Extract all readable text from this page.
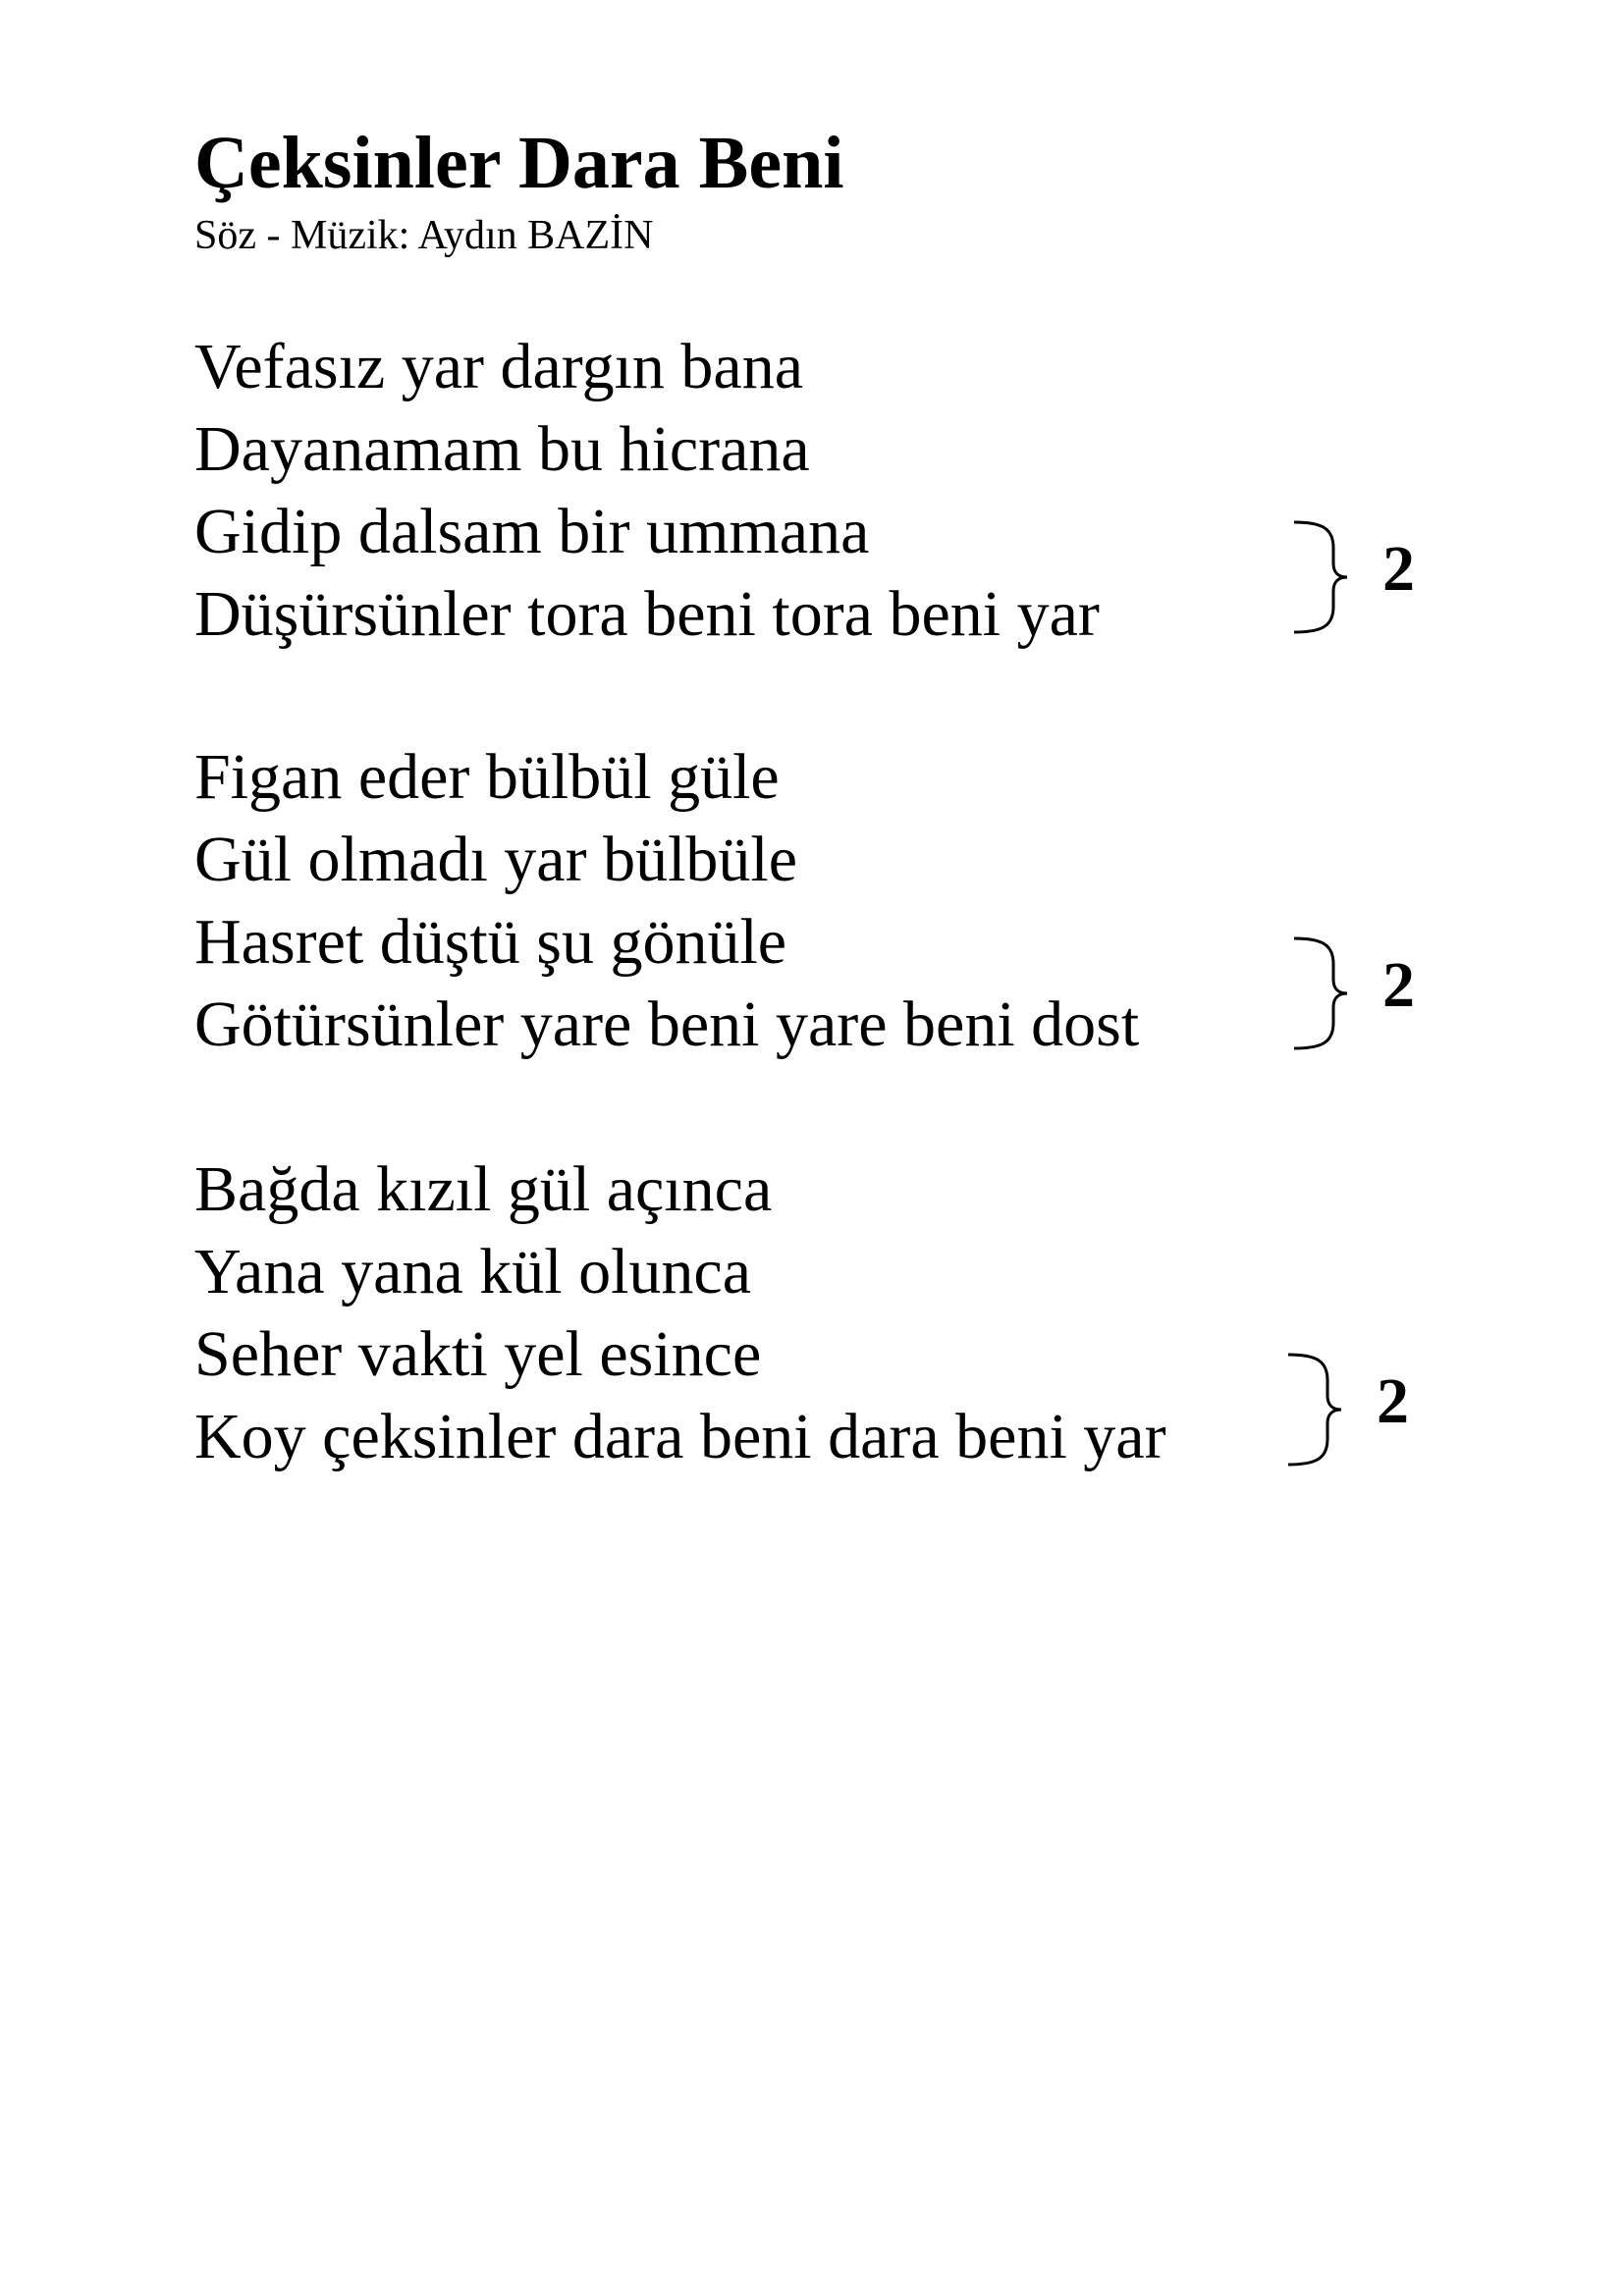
Çeksinler Dara Beni

Söz - Müzik: Aydın BAZİN

Vefasız yar dargın bana
Dayanamam bu hicrana
Gidip dalsam bir ummana
Düşürsünler tora beni tora beni yar
2
Figan eder bülbül güle
Gül olmadı yar bülbüle
Hasret düştü şu gönüle
Götürsünler yare beni yare beni dost
2
Bağda kızıl gül açınca
Yana yana kül olunca
Seher vakti yel esince
Koy çeksinler dara beni dara beni yar	2
